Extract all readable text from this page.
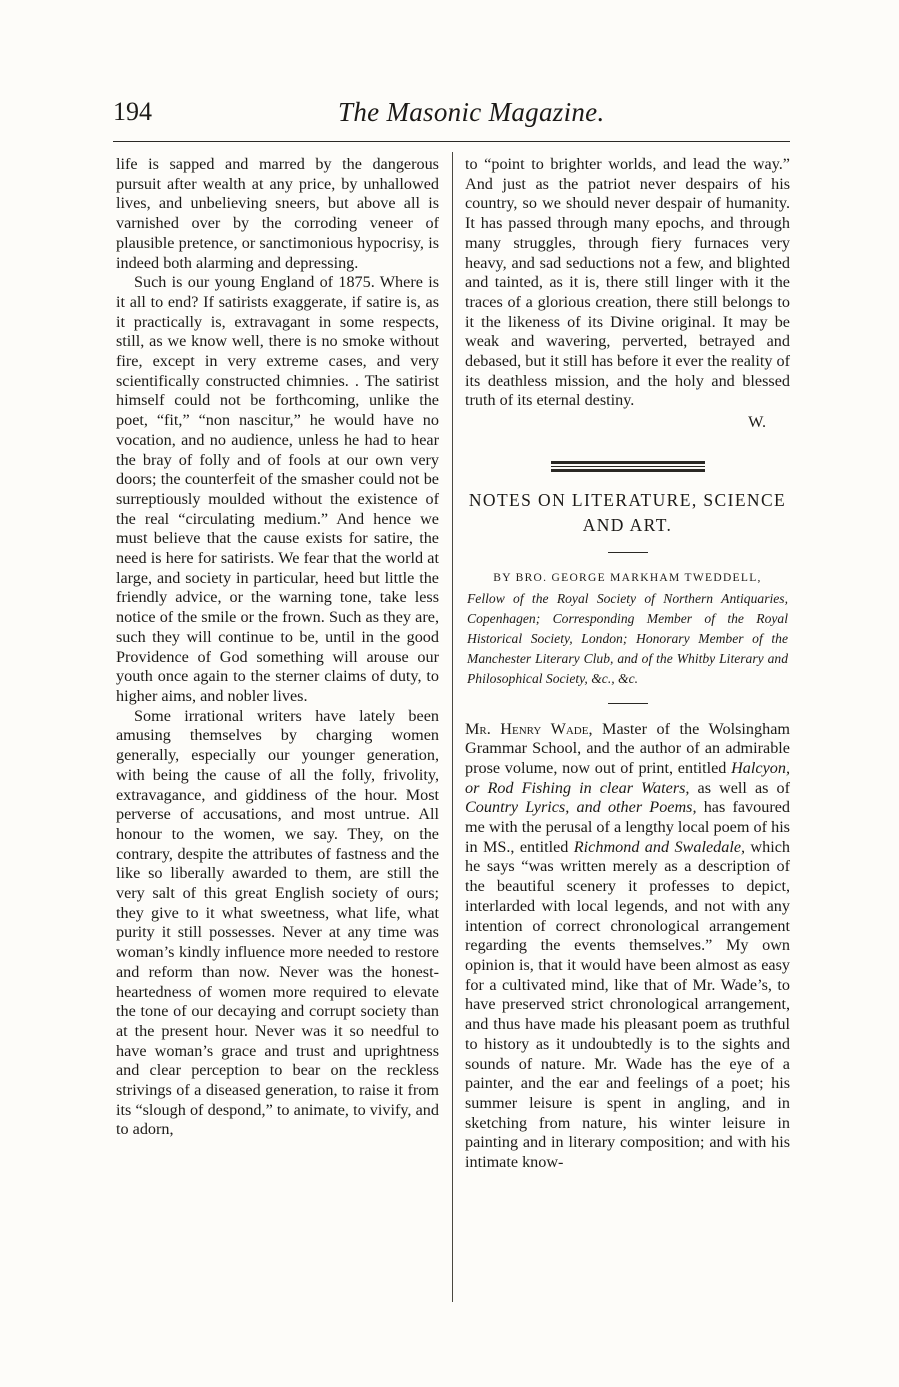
194	The Masonic Magazine.

life is sapped and marred by the dangerous pursuit after wealth at any price, by unhallowed lives, and unbelieving sneers, but above all is varnished over by the corroding veneer of plausible pretence, or sanctimonious hypocrisy, is indeed both alarming and depressing.

Such is our young England of 1875. Where is it all to end? If satirists exaggerate, if satire is, as it practically is, extravagant in some respects, still, as we know well, there is no smoke without fire, except in very extreme cases, and very scientifically constructed chimnies. . The satirist himself could not be forthcoming, unlike the poet, “fit,” “non nascitur,” he would have no vocation, and no audience, unless he had to hear the bray of folly and of fools at our own very doors; the counterfeit of the smasher could not be surreptiously moulded without the existence of the real “circulating medium.” And hence we must believe that the cause exists for satire, the need is here for satirists. We fear that the world at large, and society in particular, heed but little the friendly advice, or the warning tone, take less notice of the smile or the frown. Such as they are, such they will continue to be, until in the good Providence of God something will arouse our youth once again to the sterner claims of duty, to higher aims, and nobler lives.

Some irrational writers have lately been amusing themselves by charging women generally, especially our younger generation, with being the cause of all the folly, frivolity, extravagance, and giddiness of the hour. Most perverse of accusations, and most untrue. All honour to the women, we say. They, on the contrary, despite the attributes of fastness and the like so liberally awarded to them, are still the very salt of this great English society of ours; they give to it what sweetness, what life, what purity it still possesses. Never at any time was woman’s kindly influence more needed to restore and reform than now. Never was the honest-heartedness of women more required to elevate the tone of our decaying and corrupt society than at the present hour. Never was it so needful to have woman’s grace and trust and uprightness and clear perception to bear on the reckless strivings of a diseased generation, to raise it from its “slough of despond,” to animate, to vivify, and to adorn,

to “point to brighter worlds, and lead the way.” And just as the patriot never despairs of his country, so we should never despair of humanity. It has passed through many epochs, and through many struggles, through fiery furnaces very heavy, and sad seductions not a few, and blighted and tainted, as it is, there still linger with it the traces of a glorious creation, there still belongs to it the likeness of its Divine original. It may be weak and wavering, perverted, betrayed and debased, but it still has before it ever the reality of its deathless mission, and the holy and blessed truth of its eternal destiny.

W.

NOTES ON LITERATURE, SCIENCE
AND ART.

BY BRO. GEORGE MARKHAM TWEDDELL,

Fellow of the Royal Society of Northern Antiquaries, Copenhagen; Corresponding Member of the Royal Historical Society, London; Honorary Member of the Manchester Literary Club, and of the Whitby Literary and Philosophical Society, &c., &c.

Mr. Henry Wade, Master of the Wolsingham Grammar School, and the author of an admirable prose volume, now out of print, entitled Halcyon, or Rod Fishing in clear Waters, as well as of Country Lyrics, and other Poems, has favoured me with the perusal of a lengthy local poem of his in MS., entitled Richmond and Swaledale, which he says “was written merely as a description of the beautiful scenery it professes to depict, interlarded with local legends, and not with any intention of correct chronological arrangement regarding the events themselves.” My own opinion is, that it would have been almost as easy for a cultivated mind, like that of Mr. Wade’s, to have preserved strict chronological arrangement, and thus have made his pleasant poem as truthful to history as it undoubtedly is to the sights and sounds of nature. Mr. Wade has the eye of a painter, and the ear and feelings of a poet; his summer leisure is spent in angling, and in sketching from nature, his winter leisure in painting and in literary composition; and with his intimate know-
